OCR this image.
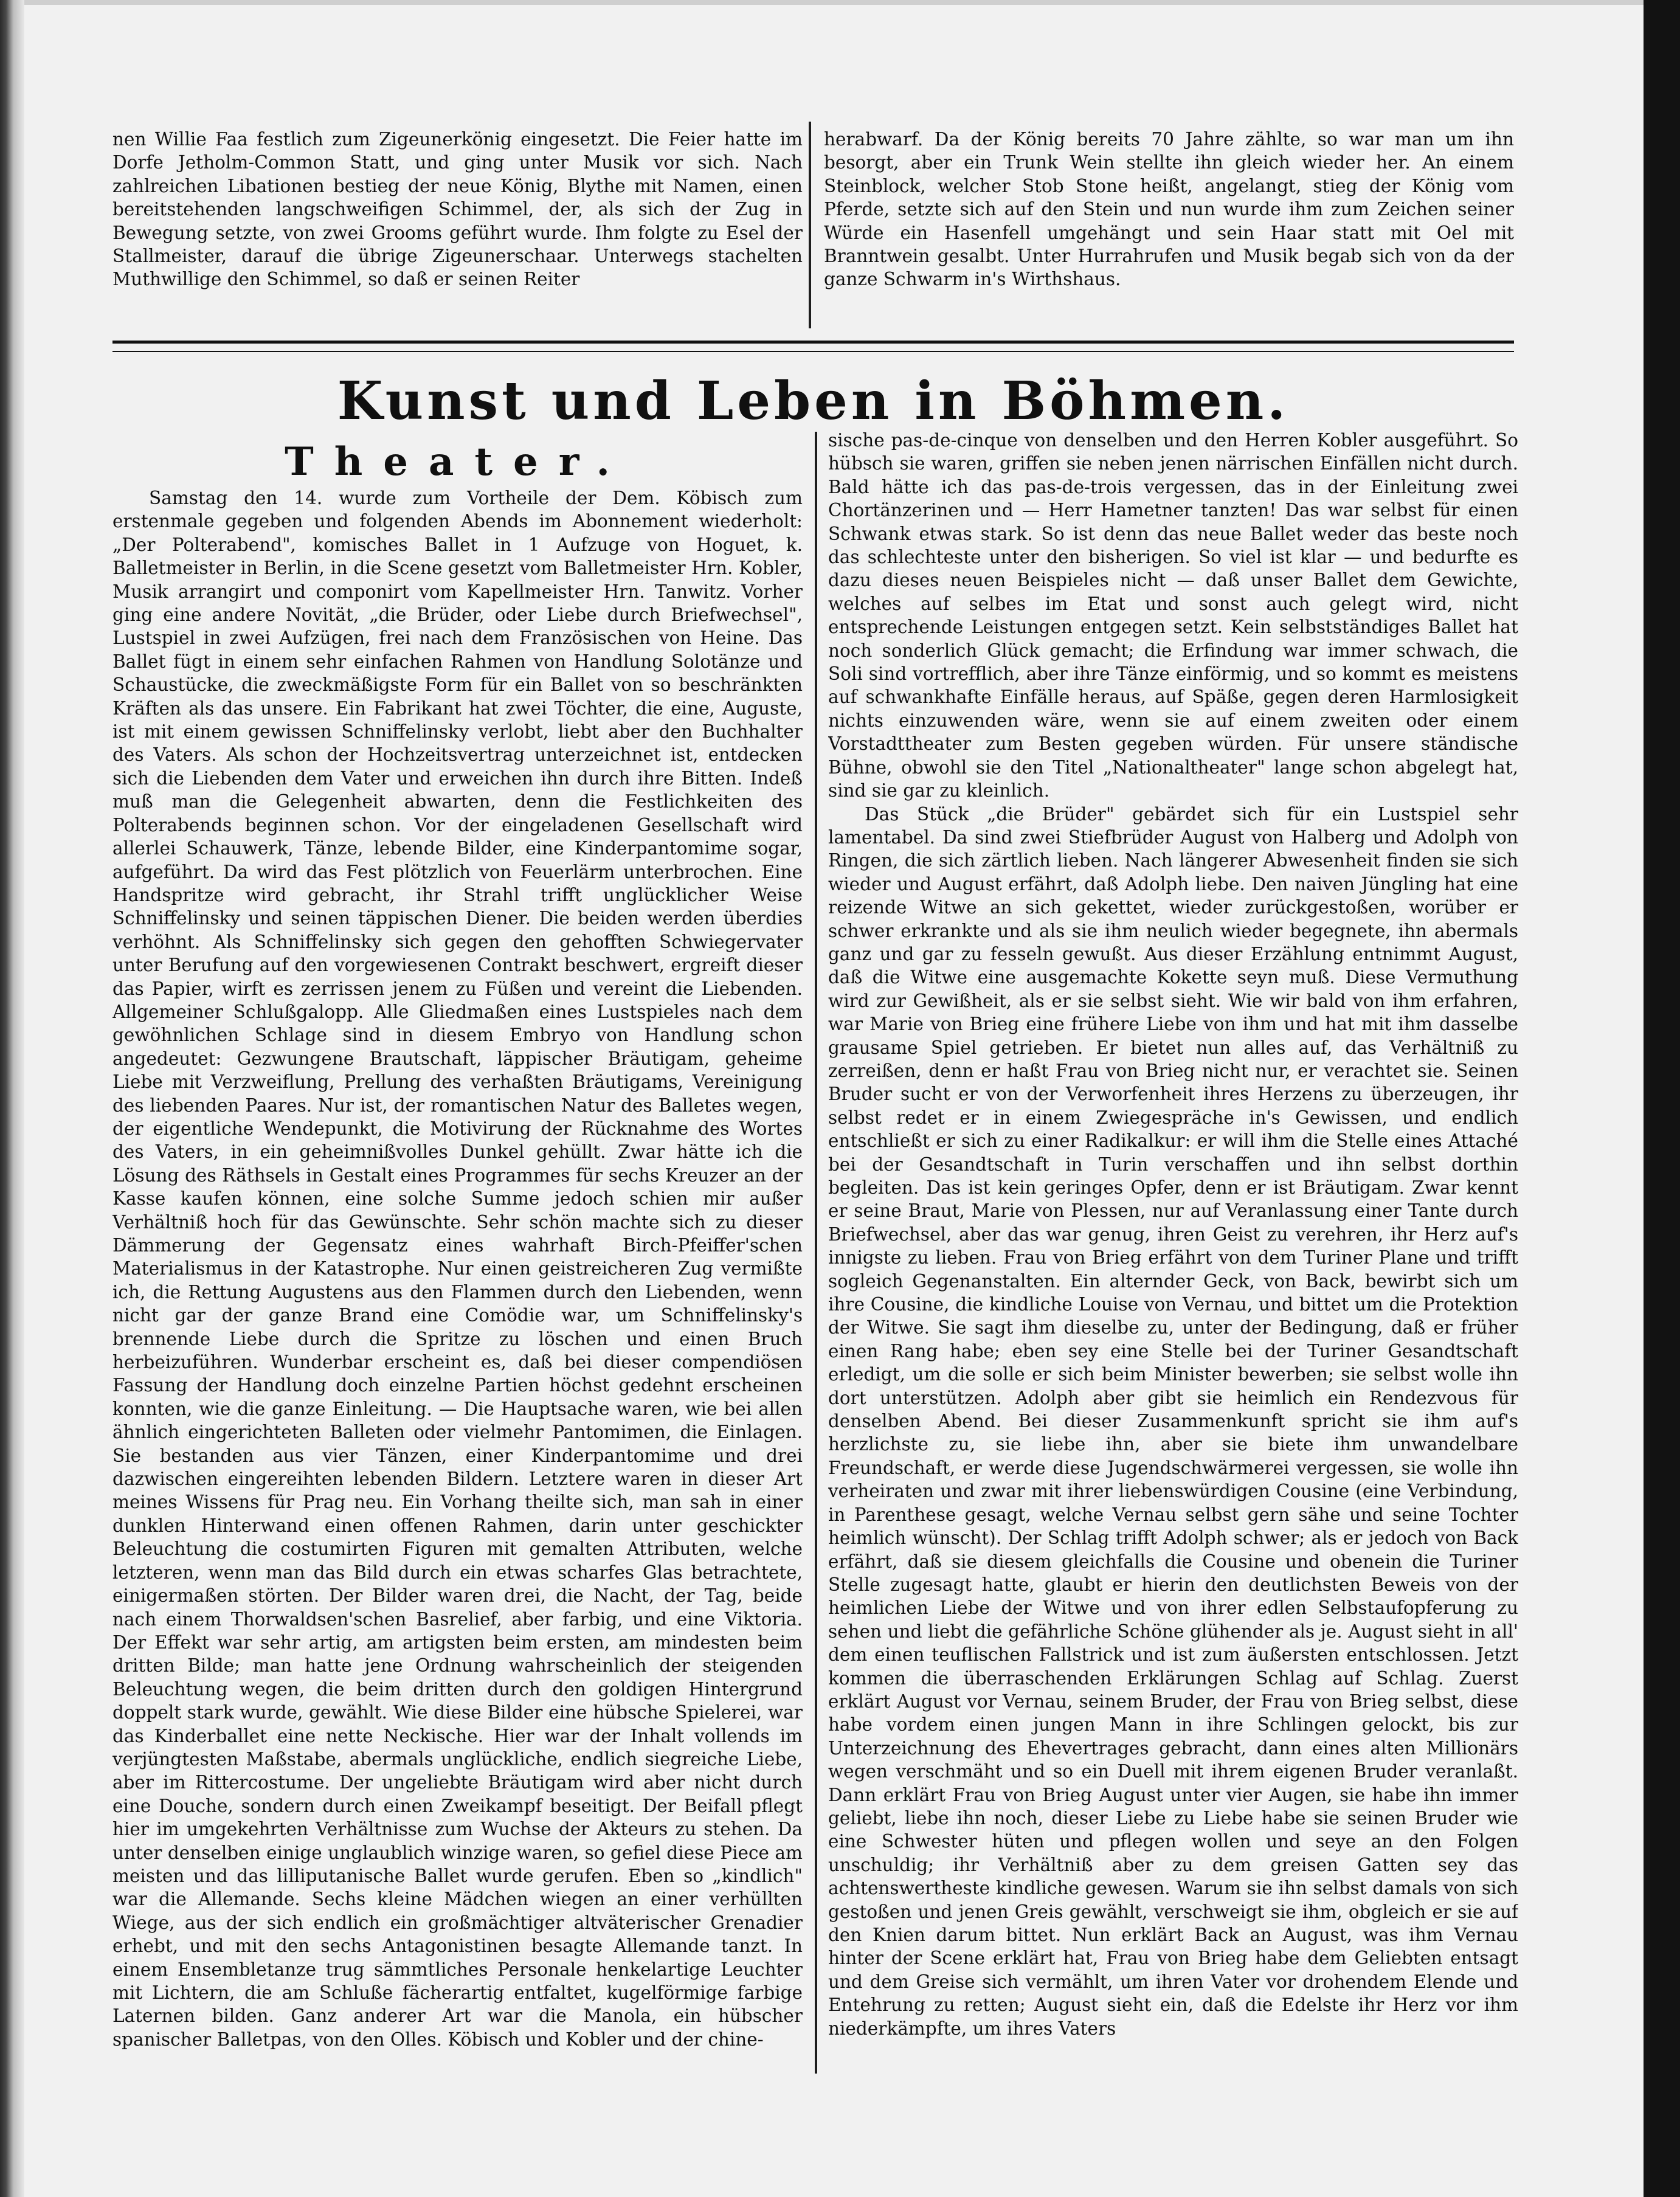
nen Willie Faa festlich zum Zigeunerkönig eingesetzt. Die Feier hatte im Dorfe Jetholm-Common Statt, und ging unter Musik vor sich. Nach zahlreichen Libationen bestieg der neue König, Blythe mit Namen, einen bereitstehenden langschweifigen Schimmel, der, als sich der Zug in Bewegung setzte, von zwei Grooms geführt wurde. Ihm folgte zu Esel der Stallmeister, darauf die übrige Zigeunerschaar. Unterwegs stachelten Muthwillige den Schimmel, so daß er seinen Reiter

herabwarf. Da der König bereits 70 Jahre zählte, so war man um ihn besorgt, aber ein Trunk Wein stellte ihn gleich wieder her. An einem Steinblock, welcher Stob Stone heißt, angelangt, stieg der König vom Pferde, setzte sich auf den Stein und nun wurde ihm zum Zeichen seiner Würde ein Hasenfell umgehängt und sein Haar statt mit Oel mit Branntwein gesalbt. Unter Hurrahrufen und Musik begab sich von da der ganze Schwarm in's Wirthshaus.

Kunst und Leben in Böhmen.
Theater.

Samstag den 14. wurde zum Vortheile der Dem. Köbisch zum erstenmale gegeben und folgenden Abends im Abonnement wiederholt: „Der Polterabend", komisches Ballet in 1 Aufzuge von Hoguet, k. Balletmeister in Berlin, in die Scene gesetzt vom Balletmeister Hrn. Kobler, Musik arrangirt und componirt vom Kapellmeister Hrn. Tanwitz. Vorher ging eine andere Novität, „die Brüder, oder Liebe durch Briefwechsel", Lustspiel in zwei Aufzügen, frei nach dem Französischen von Heine. Das Ballet fügt in einem sehr einfachen Rahmen von Handlung Solotänze und Schaustücke, die zweckmäßigste Form für ein Ballet von so beschränkten Kräften als das unsere. Ein Fabrikant hat zwei Töchter, die eine, Auguste, ist mit einem gewissen Schniffelinsky verlobt, liebt aber den Buchhalter des Vaters. Als schon der Hochzeitsvertrag unterzeichnet ist, entdecken sich die Liebenden dem Vater und erweichen ihn durch ihre Bitten. Indeß muß man die Gelegenheit abwarten, denn die Festlichkeiten des Polterabends beginnen schon. Vor der eingeladenen Gesellschaft wird allerlei Schauwerk, Tänze, lebende Bilder, eine Kinderpantomime sogar, aufgeführt. Da wird das Fest plötzlich von Feuerlärm unterbrochen. Eine Handspritze wird gebracht, ihr Strahl trifft unglücklicher Weise Schniffelinsky und seinen täppischen Diener. Die beiden werden überdies verhöhnt. Als Schniffelinsky sich gegen den gehofften Schwiegervater unter Berufung auf den vorgewiesenen Contrakt beschwert, ergreift dieser das Papier, wirft es zerrissen jenem zu Füßen und vereint die Liebenden. Allgemeiner Schlußgalopp. Alle Gliedmaßen eines Lustspieles nach dem gewöhnlichen Schlage sind in diesem Embryo von Handlung schon angedeutet: Gezwungene Brautschaft, läppischer Bräutigam, geheime Liebe mit Verzweiflung, Prellung des verhaßten Bräutigams, Vereinigung des liebenden Paares. Nur ist, der romantischen Natur des Balletes wegen, der eigentliche Wendepunkt, die Motivirung der Rücknahme des Wortes des Vaters, in ein geheimnißvolles Dunkel gehüllt. Zwar hätte ich die Lösung des Räthsels in Gestalt eines Programmes für sechs Kreuzer an der Kasse kaufen können, eine solche Summe jedoch schien mir außer Verhältniß hoch für das Gewünschte. Sehr schön machte sich zu dieser Dämmerung der Gegensatz eines wahrhaft Birch-Pfeiffer'schen Materialismus in der Katastrophe. Nur einen geistreicheren Zug vermißte ich, die Rettung Augustens aus den Flammen durch den Liebenden, wenn nicht gar der ganze Brand eine Comödie war, um Schniffelinsky's brennende Liebe durch die Spritze zu löschen und einen Bruch herbeizuführen. Wunderbar erscheint es, daß bei dieser compendiösen Fassung der Handlung doch einzelne Partien höchst gedehnt erscheinen konnten, wie die ganze Einleitung. — Die Hauptsache waren, wie bei allen ähnlich eingerichteten Balleten oder vielmehr Pantomimen, die Einlagen. Sie bestanden aus vier Tänzen, einer Kinderpantomime und drei dazwischen eingereihten lebenden Bildern. Letztere waren in dieser Art meines Wissens für Prag neu. Ein Vorhang theilte sich, man sah in einer dunklen Hinterwand einen offenen Rahmen, darin unter geschickter Beleuchtung die costumirten Figuren mit gemalten Attributen, welche letzteren, wenn man das Bild durch ein etwas scharfes Glas betrachtete, einigermaßen störten. Der Bilder waren drei, die Nacht, der Tag, beide nach einem Thorwaldsen'schen Basrelief, aber farbig, und eine Viktoria. Der Effekt war sehr artig, am artigsten beim ersten, am mindesten beim dritten Bilde; man hatte jene Ordnung wahrscheinlich der steigenden Beleuchtung wegen, die beim dritten durch den goldigen Hintergrund doppelt stark wurde, gewählt. Wie diese Bilder eine hübsche Spielerei, war das Kinderballet eine nette Neckische. Hier war der Inhalt vollends im verjüngtesten Maßstabe, abermals unglückliche, endlich siegreiche Liebe, aber im Rittercostume. Der ungeliebte Bräutigam wird aber nicht durch eine Douche, sondern durch einen Zweikampf beseitigt. Der Beifall pflegt hier im umgekehrten Verhältnisse zum Wuchse der Akteurs zu stehen. Da unter denselben einige unglaublich winzige waren, so gefiel diese Piece am meisten und das lilliputanische Ballet wurde gerufen. Eben so „kindlich" war die Allemande. Sechs kleine Mädchen wiegen an einer verhüllten Wiege, aus der sich endlich ein großmächtiger altväterischer Grenadier erhebt, und mit den sechs Antagonistinen besagte Allemande tanzt. In einem Ensembletanze trug sämmtliches Personale henkelartige Leuchter mit Lichtern, die am Schluße fächerartig entfaltet, kugelförmige farbige Laternen bilden. Ganz anderer Art war die Manola, ein hübscher spanischer Balletpas, von den Olles. Köbisch und Kobler und der chine-

sische pas-de-cinque von denselben und den Herren Kobler ausgeführt. So hübsch sie waren, griffen sie neben jenen närrischen Einfällen nicht durch. Bald hätte ich das pas-de-trois vergessen, das in der Einleitung zwei Chortänzerinen und — Herr Hametner tanzten! Das war selbst für einen Schwank etwas stark. So ist denn das neue Ballet weder das beste noch das schlechteste unter den bisherigen. So viel ist klar — und bedurfte es dazu dieses neuen Beispieles nicht — daß unser Ballet dem Gewichte, welches auf selbes im Etat und sonst auch gelegt wird, nicht entsprechende Leistungen entgegen setzt. Kein selbstständiges Ballet hat noch sonderlich Glück gemacht; die Erfindung war immer schwach, die Soli sind vortrefflich, aber ihre Tänze einförmig, und so kommt es meistens auf schwankhafte Einfälle heraus, auf Späße, gegen deren Harmlosigkeit nichts einzuwenden wäre, wenn sie auf einem zweiten oder einem Vorstadttheater zum Besten gegeben würden. Für unsere ständische Bühne, obwohl sie den Titel „Nationaltheater" lange schon abgelegt hat, sind sie gar zu kleinlich.

Das Stück „die Brüder" gebärdet sich für ein Lustspiel sehr lamentabel. Da sind zwei Stiefbrüder August von Halberg und Adolph von Ringen, die sich zärtlich lieben. Nach längerer Abwesenheit finden sie sich wieder und August erfährt, daß Adolph liebe. Den naiven Jüngling hat eine reizende Witwe an sich gekettet, wieder zurückgestoßen, worüber er schwer erkrankte und als sie ihm neulich wieder begegnete, ihn abermals ganz und gar zu fesseln gewußt. Aus dieser Erzählung entnimmt August, daß die Witwe eine ausgemachte Kokette seyn muß. Diese Vermuthung wird zur Gewißheit, als er sie selbst sieht. Wie wir bald von ihm erfahren, war Marie von Brieg eine frühere Liebe von ihm und hat mit ihm dasselbe grausame Spiel getrieben. Er bietet nun alles auf, das Verhältniß zu zerreißen, denn er haßt Frau von Brieg nicht nur, er verachtet sie. Seinen Bruder sucht er von der Verworfenheit ihres Herzens zu überzeugen, ihr selbst redet er in einem Zwiegespräche in's Gewissen, und endlich entschließt er sich zu einer Radikalkur: er will ihm die Stelle eines Attaché bei der Gesandtschaft in Turin verschaffen und ihn selbst dorthin begleiten. Das ist kein geringes Opfer, denn er ist Bräutigam. Zwar kennt er seine Braut, Marie von Plessen, nur auf Veranlassung einer Tante durch Briefwechsel, aber das war genug, ihren Geist zu verehren, ihr Herz auf's innigste zu lieben. Frau von Brieg erfährt von dem Turiner Plane und trifft sogleich Gegenanstalten. Ein alternder Geck, von Back, bewirbt sich um ihre Cousine, die kindliche Louise von Vernau, und bittet um die Protektion der Witwe. Sie sagt ihm dieselbe zu, unter der Bedingung, daß er früher einen Rang habe; eben sey eine Stelle bei der Turiner Gesandtschaft erledigt, um die solle er sich beim Minister bewerben; sie selbst wolle ihn dort unterstützen. Adolph aber gibt sie heimlich ein Rendezvous für denselben Abend. Bei dieser Zusammenkunft spricht sie ihm auf's herzlichste zu, sie liebe ihn, aber sie biete ihm unwandelbare Freundschaft, er werde diese Jugendschwärmerei vergessen, sie wolle ihn verheiraten und zwar mit ihrer liebenswürdigen Cousine (eine Verbindung, in Parenthese gesagt, welche Vernau selbst gern sähe und seine Tochter heimlich wünscht). Der Schlag trifft Adolph schwer; als er jedoch von Back erfährt, daß sie diesem gleichfalls die Cousine und obenein die Turiner Stelle zugesagt hatte, glaubt er hierin den deutlichsten Beweis von der heimlichen Liebe der Witwe und von ihrer edlen Selbstaufopferung zu sehen und liebt die gefährliche Schöne glühender als je. August sieht in all' dem einen teuflischen Fallstrick und ist zum äußersten entschlossen. Jetzt kommen die überraschenden Erklärungen Schlag auf Schlag. Zuerst erklärt August vor Vernau, seinem Bruder, der Frau von Brieg selbst, diese habe vordem einen jungen Mann in ihre Schlingen gelockt, bis zur Unterzeichnung des Ehevertrages gebracht, dann eines alten Millionärs wegen verschmäht und so ein Duell mit ihrem eigenen Bruder veranlaßt. Dann erklärt Frau von Brieg August unter vier Augen, sie habe ihn immer geliebt, liebe ihn noch, dieser Liebe zu Liebe habe sie seinen Bruder wie eine Schwester hüten und pflegen wollen und seye an den Folgen unschuldig; ihr Verhältniß aber zu dem greisen Gatten sey das achtenswertheste kindliche gewesen. Warum sie ihn selbst damals von sich gestoßen und jenen Greis gewählt, verschweigt sie ihm, obgleich er sie auf den Knien darum bittet. Nun erklärt Back an August, was ihm Vernau hinter der Scene erklärt hat, Frau von Brieg habe dem Geliebten entsagt und dem Greise sich vermählt, um ihren Vater vor drohendem Elende und Entehrung zu retten; August sieht ein, daß die Edelste ihr Herz vor ihm niederkämpfte, um ihres Vaters
